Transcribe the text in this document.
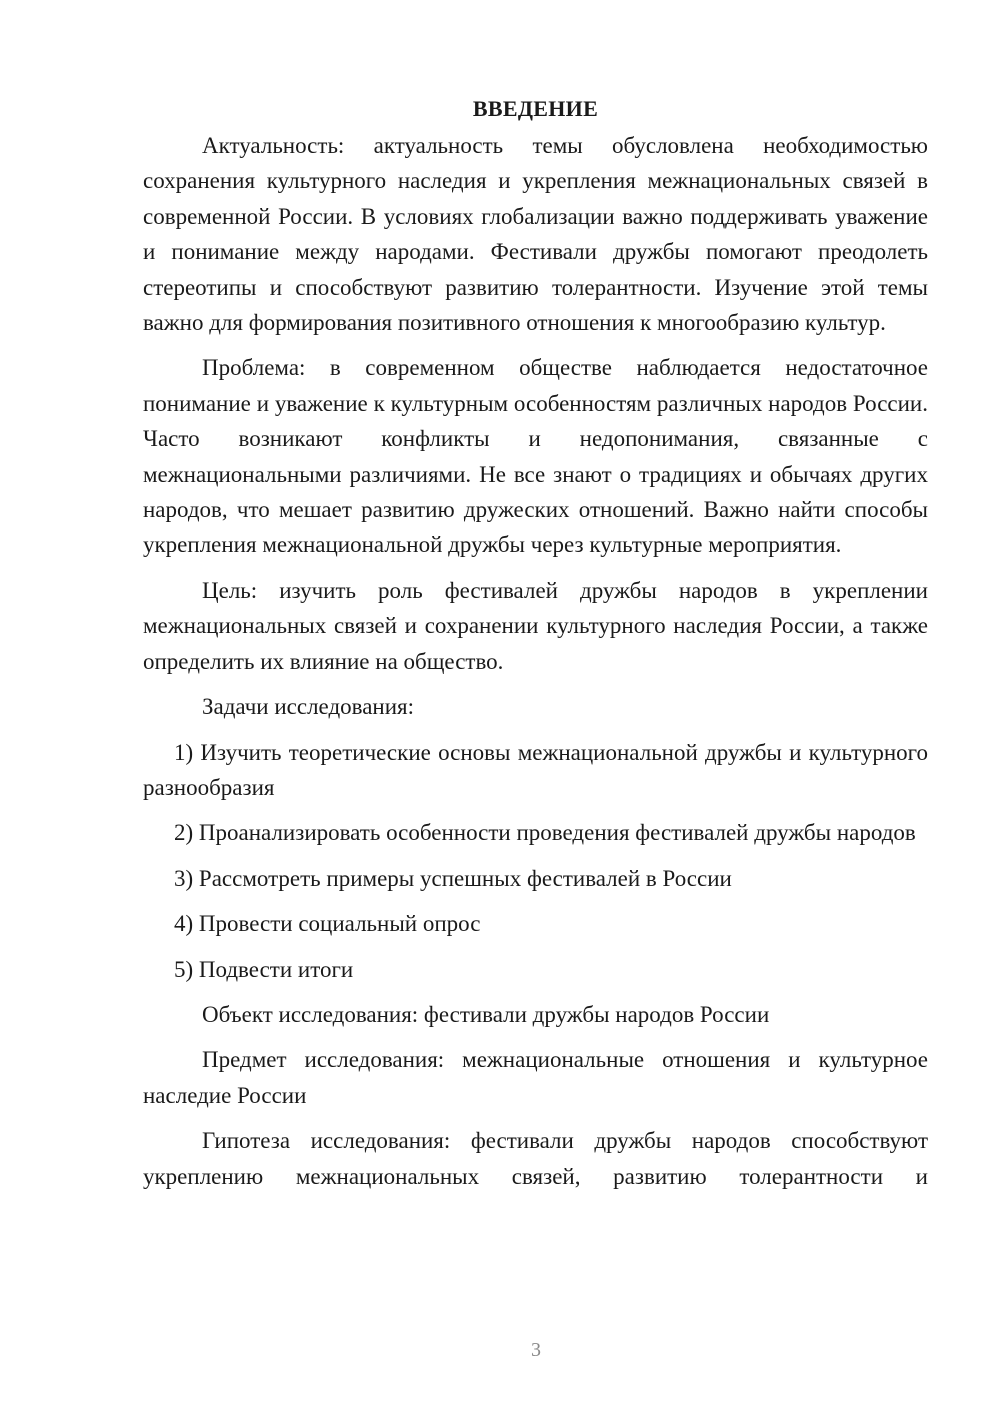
ВВЕДЕНИЕ

Актуальность: актуальность темы обусловлена необходимостью сохранения культурного наследия и укрепления межнациональных связей в современной России. В условиях глобализации важно поддерживать уважение и понимание между народами. Фестивали дружбы помогают преодолеть стереотипы и способствуют развитию толерантности. Изучение этой темы важно для формирования позитивного отношения к многообразию культур.

Проблема: в современном обществе наблюдается недостаточное понимание и уважение к культурным особенностям различных народов России. Часто возникают конфликты и недопонимания, связанные с межнациональными различиями. Не все знают о традициях и обычаях других народов, что мешает развитию дружеских отношений. Важно найти способы укрепления межнациональной дружбы через культурные мероприятия.

Цель: изучить роль фестивалей дружбы народов в укреплении межнациональных связей и сохранении культурного наследия России, а также определить их влияние на общество.

Задачи исследования:

1) Изучить теоретические основы межнациональной дружбы и культурного разнообразия

2) Проанализировать особенности проведения фестивалей дружбы народов

3) Рассмотреть примеры успешных фестивалей в России

4) Провести социальный опрос

5) Подвести итоги

Объект исследования: фестивали дружбы народов России

Предмет исследования: межнациональные отношения и культурное наследие России

Гипотеза исследования: фестивали дружбы народов способствуют укреплению межнациональных связей, развитию толерантности и

3
